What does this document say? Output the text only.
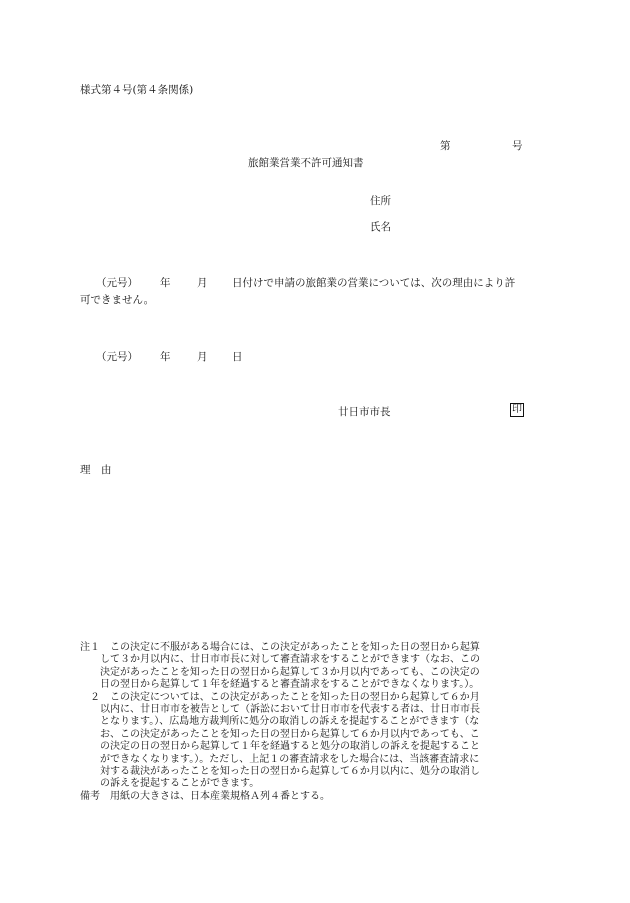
様式第４号(第４条関係)
第	号
旅館業営業不許可通知書
住所
氏名
（元号） 年	月 日付けで申請の旅館業の営業については、次の理由により許
可できません。
（元号） 年	月 日
廿日市市長	印
理　由
注１　この決定に不服がある場合には、この決定があったことを知った日の翌日から起算
　　して３か月以内に、廿日市市長に対して審査請求をすることができます（なお、この
　　決定があったことを知った日の翌日から起算して３か月以内であっても、この決定の
　　日の翌日から起算して１年を経過すると審査請求をすることができなくなります。）。
　２　この決定については、この決定があったことを知った日の翌日から起算して６か月
　　以内に、廿日市市を被告として（訴訟において廿日市市を代表する者は、廿日市市長
　　となります。）、広島地方裁判所に処分の取消しの訴えを提起することができます（な
　　お、この決定があったことを知った日の翌日から起算して６か月以内であっても、こ
　　の決定の日の翌日から起算して１年を経過すると処分の取消しの訴えを提起すること
　　ができなくなります。）。ただし、上記１の審査請求をした場合には、当該審査請求に
　　対する裁決があったことを知った日の翌日から起算して６か月以内に、処分の取消し
　　の訴えを提起することができます。
備考　用紙の大きさは、日本産業規格Ａ列４番とする。
